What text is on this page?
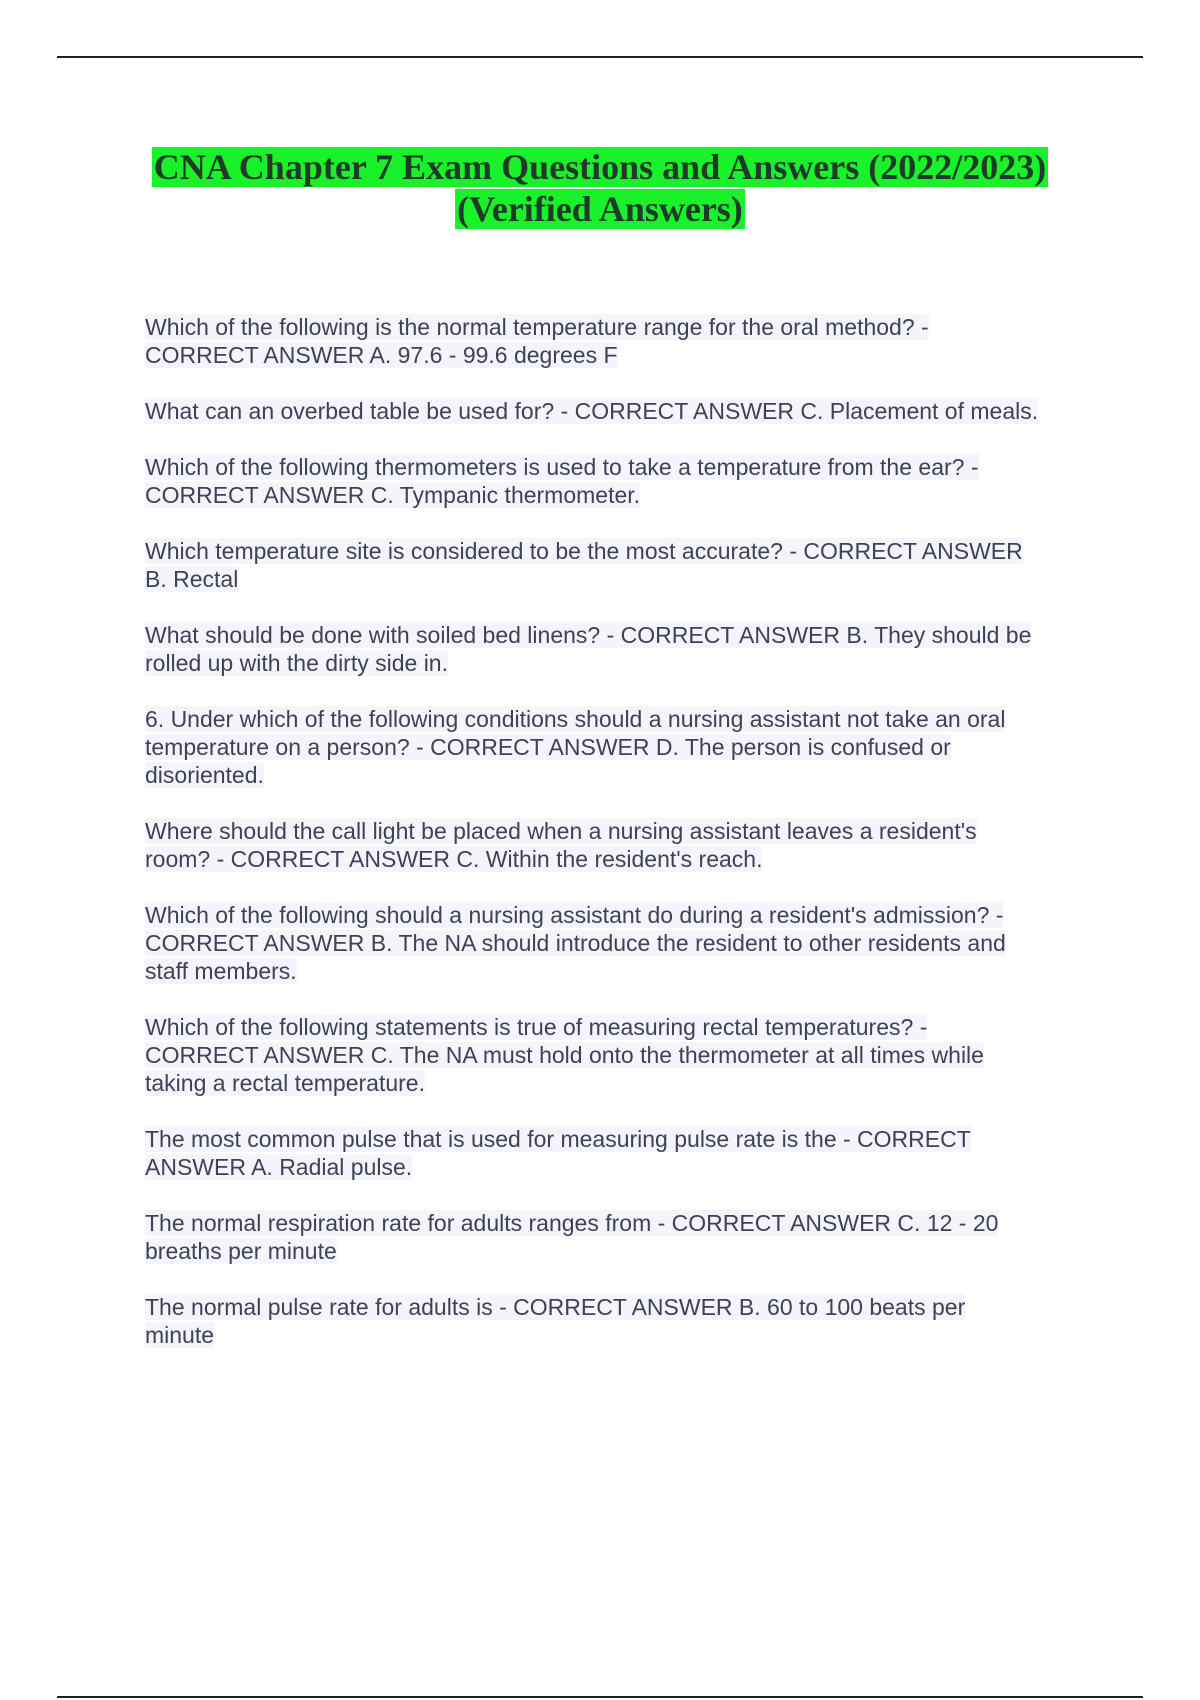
CNA Chapter 7 Exam Questions and Answers (2022/2023)
(Verified Answers)

Which of the following is the normal temperature range for the oral method? -
CORRECT ANSWER A. 97.6 - 99.6 degrees F

What can an overbed table be used for? - CORRECT ANSWER C. Placement of meals.

Which of the following thermometers is used to take a temperature from the ear? -
CORRECT ANSWER C. Tympanic thermometer.

Which temperature site is considered to be the most accurate? - CORRECT ANSWER
B. Rectal

What should be done with soiled bed linens? - CORRECT ANSWER B. They should be
rolled up with the dirty side in.

6. Under which of the following conditions should a nursing assistant not take an oral
temperature on a person? - CORRECT ANSWER D. The person is confused or
disoriented.

Where should the call light be placed when a nursing assistant leaves a resident's
room? - CORRECT ANSWER C. Within the resident's reach.

Which of the following should a nursing assistant do during a resident's admission? -
CORRECT ANSWER B. The NA should introduce the resident to other residents and
staff members.

Which of the following statements is true of measuring rectal temperatures? -
CORRECT ANSWER C. The NA must hold onto the thermometer at all times while
taking a rectal temperature.

The most common pulse that is used for measuring pulse rate is the - CORRECT
ANSWER A. Radial pulse.

The normal respiration rate for adults ranges from - CORRECT ANSWER C. 12 - 20
breaths per minute

The normal pulse rate for adults is - CORRECT ANSWER B. 60 to 100 beats per
minute
